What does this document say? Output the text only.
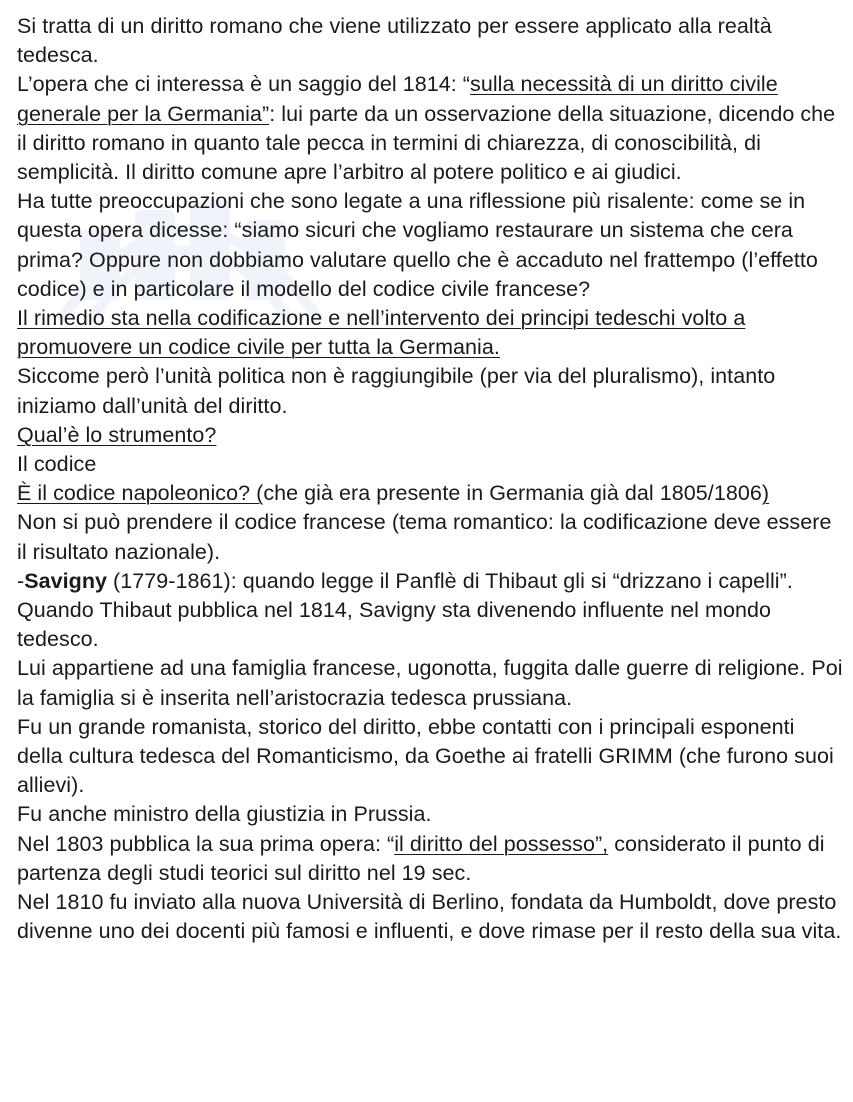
Si tratta di un diritto romano che viene utilizzato per essere applicato alla realtà tedesca.

L’opera che ci interessa è un saggio del 1814: “sulla necessità di un diritto civile generale per la Germania”: lui parte da un osservazione della situazione, dicendo che il diritto romano in quanto tale pecca in termini di chiarezza, di conoscibilità, di semplicità. Il diritto comune apre l’arbitro al potere politico e ai giudici.

Ha tutte preoccupazioni che sono legate a una riflessione più risalente: come se in questa opera dicesse: “siamo sicuri che vogliamo restaurare un sistema che cera prima? Oppure non dobbiamo valutare quello che è accaduto nel frattempo (l’effetto codice) e in particolare il modello del codice civile francese?

Il rimedio sta nella codificazione e nell’intervento dei principi tedeschi volto a promuovere un codice civile per tutta la Germania.

Siccome però l’unità politica non è raggiungibile (per via del pluralismo), intanto iniziamo dall’unità del diritto.

Qual’è lo strumento?

Il codice

È il codice napoleonico? (che già era presente in Germania già dal 1805/1806)

Non si può prendere il codice francese (tema romantico: la codificazione deve essere il risultato nazionale).

-Savigny (1779-1861): quando legge il Panflè di Thibaut gli si “drizzano i capelli”. Quando Thibaut pubblica nel 1814, Savigny sta divenendo influente nel mondo tedesco.

Lui appartiene ad una famiglia francese, ugonotta, fuggita dalle guerre di religione. Poi la famiglia si è inserita nell’aristocrazia tedesca prussiana.

Fu un grande romanista, storico del diritto, ebbe contatti con i principali esponenti della cultura tedesca del Romanticismo, da Goethe ai fratelli GRIMM (che furono suoi allievi).

Fu anche ministro della giustizia in Prussia.

Nel 1803 pubblica la sua prima opera: “il diritto del possesso”, considerato il punto di partenza degli studi teorici sul diritto nel 19 sec.

Nel 1810 fu inviato alla nuova Università di Berlino, fondata da Humboldt, dove presto divenne uno dei docenti più famosi e influenti, e dove rimase per il resto della sua vita.
